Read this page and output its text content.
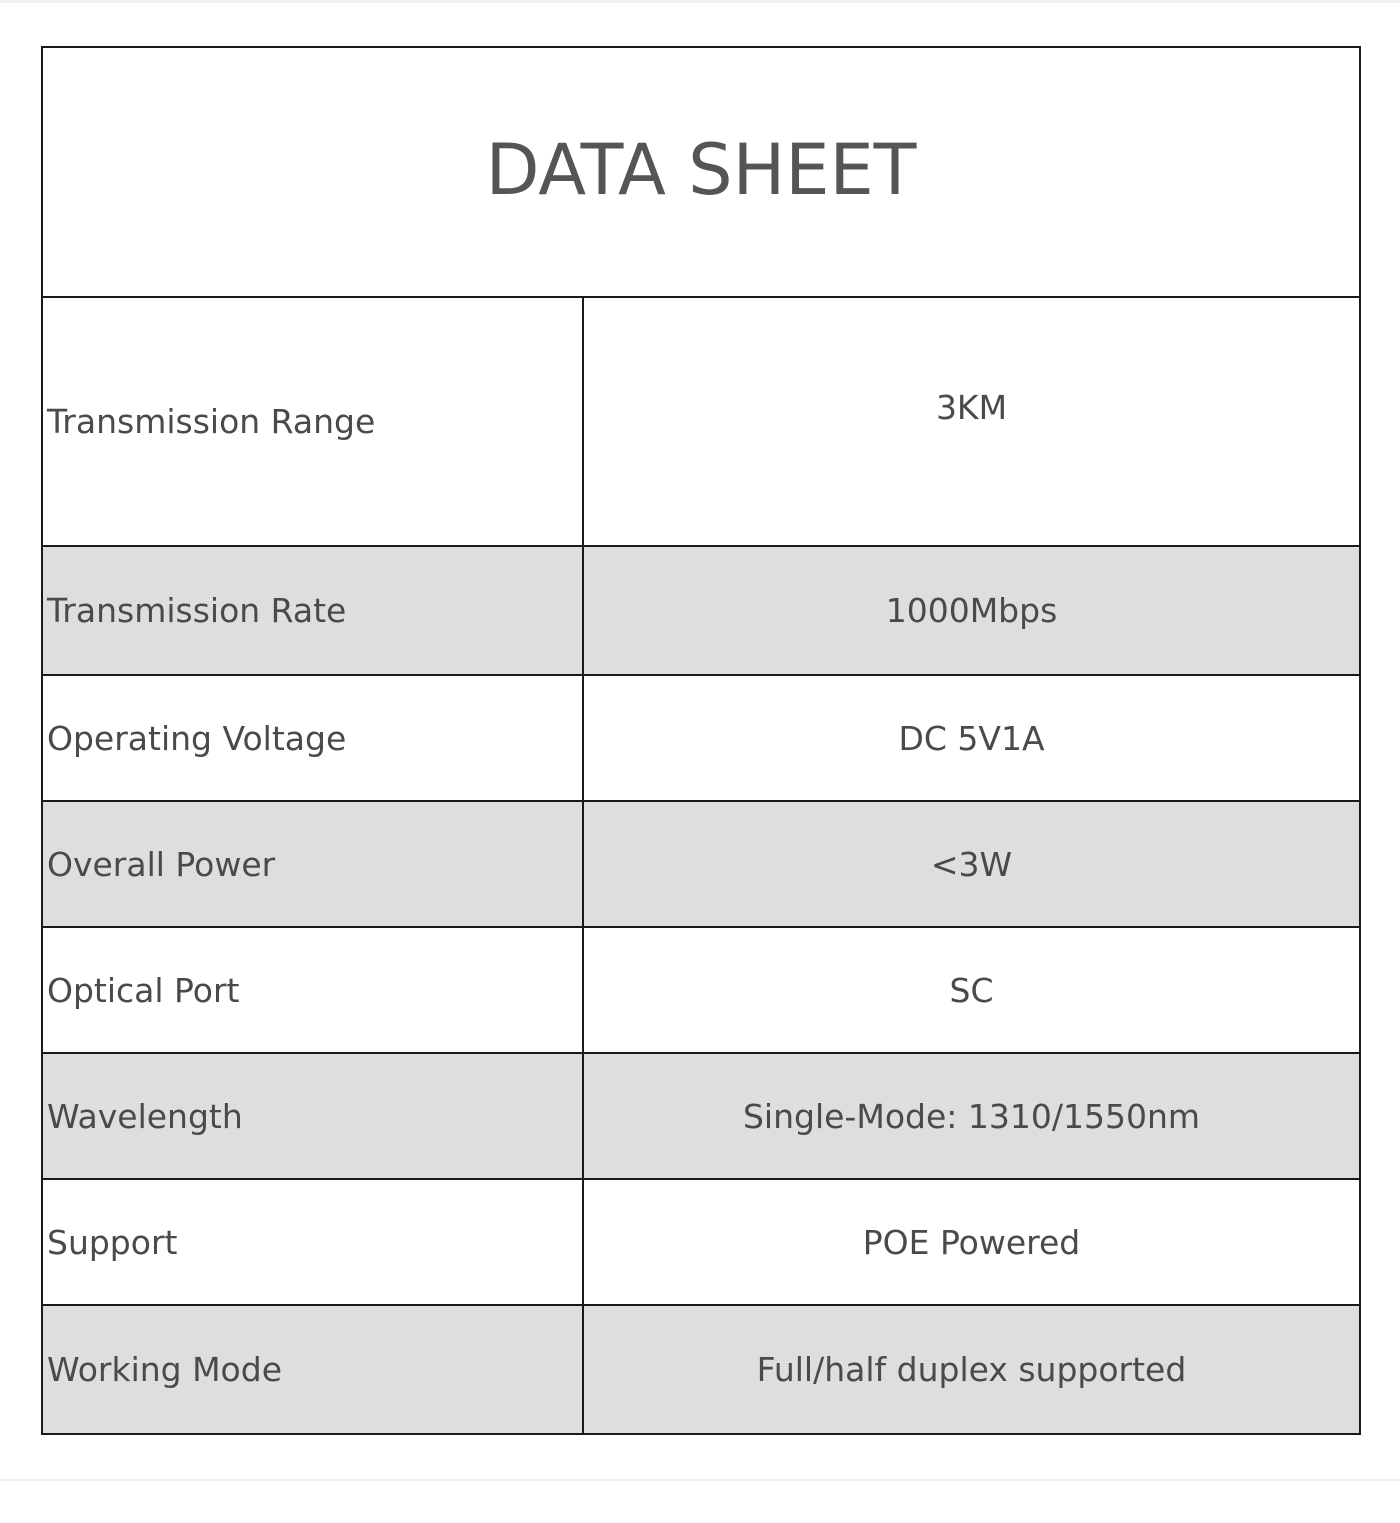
DATA SHEET	
Transmission Range	3KM
Transmission Rate	1000Mbps
Operating Voltage	DC 5V1A
Overall Power	<3W
Optical Port	SC
Wavelength	Single-Mode: 1310/1550nm
Support	POE Powered
Working Mode	Full/half duplex supported
